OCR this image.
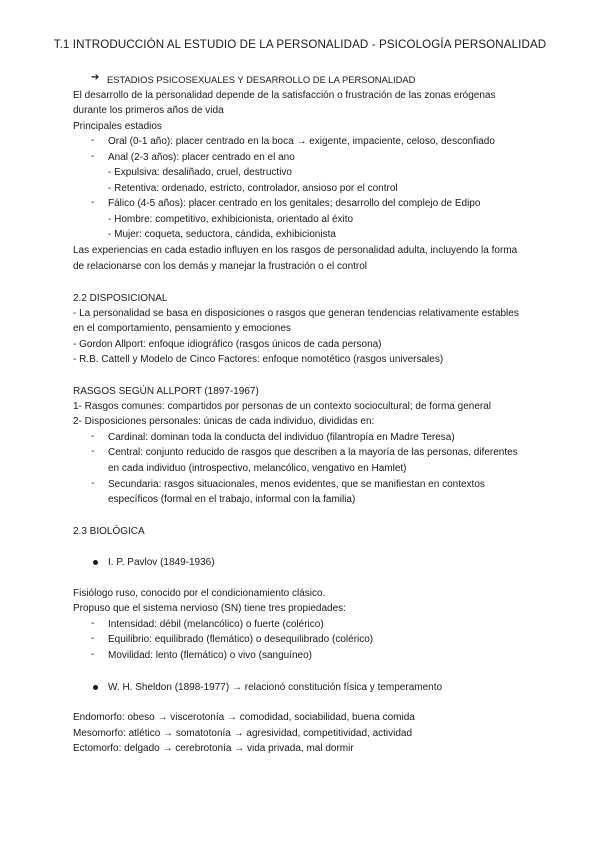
T.1 INTRODUCCIÓN AL ESTUDIO DE LA PERSONALIDAD - PSICOLOGÍA PERSONALIDAD
➔ ESTADIOS PSICOSEXUALES Y DESARROLLO DE LA PERSONALIDAD
El desarrollo de la personalidad depende de la satisfacción o frustración de las zonas erógenas
durante los primeros años de vida
Principales estadios
- Oral (0-1 año): placer centrado en la boca → exigente, impaciente, celoso, desconfiado
- Anal (2-3 años): placer centrado en el ano
- Expulsiva: desaliñado, cruel, destructivo
- Retentiva: ordenado, estricto, controlador, ansioso por el control
- Fálico (4-5 años): placer centrado en los genitales; desarrollo del complejo de Edipo
- Hombre: competitivo, exhibicionista, orientado al éxito
- Mujer: coqueta, seductora, cándida, exhibicionista
Las experiencias en cada estadio influyen en los rasgos de personalidad adulta, incluyendo la forma
de relacionarse con los demás y manejar la frustración o el control
2.2 DISPOSICIONAL
- La personalidad se basa en disposiciones o rasgos que generan tendencias relativamente estables
en el comportamiento, pensamiento y emociones
- Gordon Allport: enfoque idiográfico (rasgos únicos de cada persona)
- R.B. Cattell y Modelo de Cinco Factores: enfoque nomotético (rasgos universales)
RASGOS SEGÚN ALLPORT (1897-1967)
1- Rasgos comunes: compartidos por personas de un contexto sociocultural; de forma general
2- Disposiciones personales: únicas de cada individuo, divididas en:
- Cardinal: dominan toda la conducta del individuo (filantropía en Madre Teresa)
- Central: conjunto reducido de rasgos que describen a la mayoría de las personas, diferentes
en cada individuo (introspectivo, melancólico, vengativo en Hamlet)
- Secundaria: rasgos situacionales, menos evidentes, que se manifiestan en contextos
específicos (formal en el trabajo, informal con la familia)
2.3 BIOLÓGICA
I. P. Pavlov (1849-1936)
Fisiólogo ruso, conocido por el condicionamiento clásico.
Propuso que el sistema nervioso (SN) tiene tres propiedades:
- Intensidad: débil (melancólico) o fuerte (colérico)
- Equilibrio: equilibrado (flemático) o desequilibrado (colérico)
- Movilidad: lento (flemático) o vivo (sanguíneo)
W. H. Sheldon (1898-1977) → relacionó constitución física y temperamento
Endomorfo: obeso → viscerotonía → comodidad, sociabilidad, buena comida
Mesomorfo: atlético → somatotonía → agresividad, competitividad, actividad
Ectomorfo: delgado → cerebrotonía → vida privada, mal dormir
